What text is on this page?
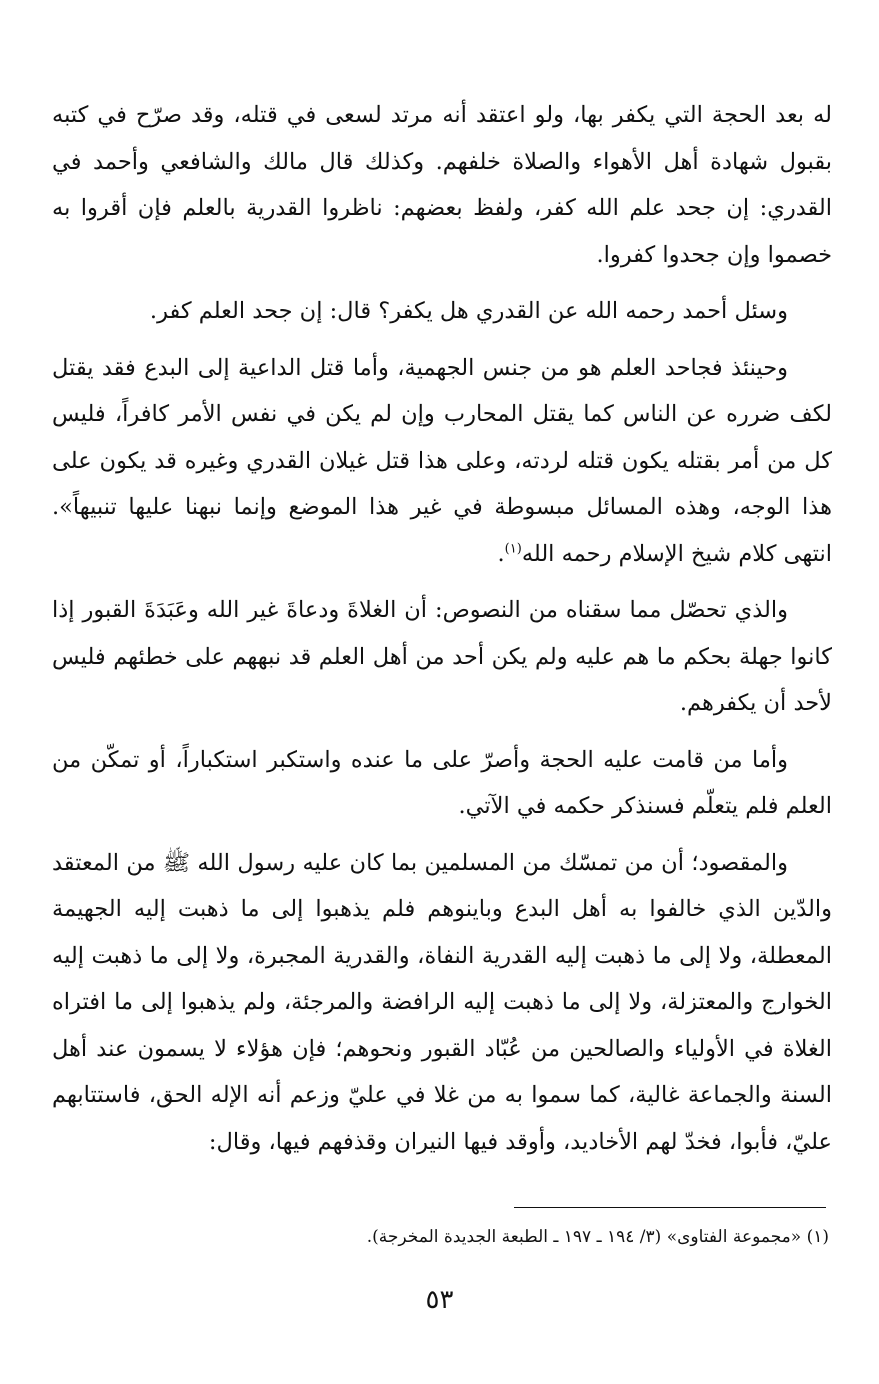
له بعد الحجة التي يكفر بها، ولو اعتقد أنه مرتد لسعى في قتله، وقد صرّح في كتبه بقبول شهادة أهل الأهواء والصلاة خلفهم. وكذلك قال مالك والشافعي وأحمد في القدري: إن جحد علم الله كفر، ولفظ بعضهم: ناظروا القدرية بالعلم فإن أقروا به خصموا وإن جحدوا كفروا.

وسئل أحمد رحمه الله عن القدري هل يكفر؟ قال: إن جحد العلم كفر.

وحينئذ فجاحد العلم هو من جنس الجهمية، وأما قتل الداعية إلى البدع فقد يقتل لكف ضرره عن الناس كما يقتل المحارب وإن لم يكن في نفس الأمر كافراً، فليس كل من أمر بقتله يكون قتله لردته، وعلى هذا قتل غيلان القدري وغيره قد يكون على هذا الوجه، وهذه المسائل مبسوطة في غير هذا الموضع وإنما نبهنا عليها تنبيهاً». انتهى كلام شيخ الإسلام رحمه الله$^{(١)}$.

والذي تحصّل مما سقناه من النصوص: أن الغلاةَ ودعاةَ غير الله وعَبَدَةَ القبور إذا كانوا جهلة بحكم ما هم عليه ولم يكن أحد من أهل العلم قد نبههم على خطئهم فليس لأحد أن يكفرهم.

وأما من قامت عليه الحجة وأصرّ على ما عنده واستكبر استكباراً، أو تمكّن من العلم فلم يتعلّم فسنذكر حكمه في الآتي.

والمقصود؛ أن من تمسّك من المسلمين بما كان عليه رسول الله ﷺ من المعتقد والدّين الذي خالفوا به أهل البدع وباينوهم فلم يذهبوا إلى ما ذهبت إليه الجهيمة المعطلة، ولا إلى ما ذهبت إليه القدرية النفاة، والقدرية المجبرة، ولا إلى ما ذهبت إليه الخوارج والمعتزلة، ولا إلى ما ذهبت إليه الرافضة والمرجئة، ولم يذهبوا إلى ما افتراه الغلاة في الأولياء والصالحين من عُبّاد القبور ونحوهم؛ فإن هؤلاء لا يسمون عند أهل السنة والجماعة غالية، كما سموا به من غلا في عليّ وزعم أنه الإله الحق، فاستتابهم عليّ، فأبوا، فخدّ لهم الأخاديد، وأوقد فيها النيران وقذفهم فيها، وقال:

(١) «مجموعة الفتاوى» (٣/ ١٩٤ ـ ١٩٧ ـ الطبعة الجديدة المخرجة).
٥٣
